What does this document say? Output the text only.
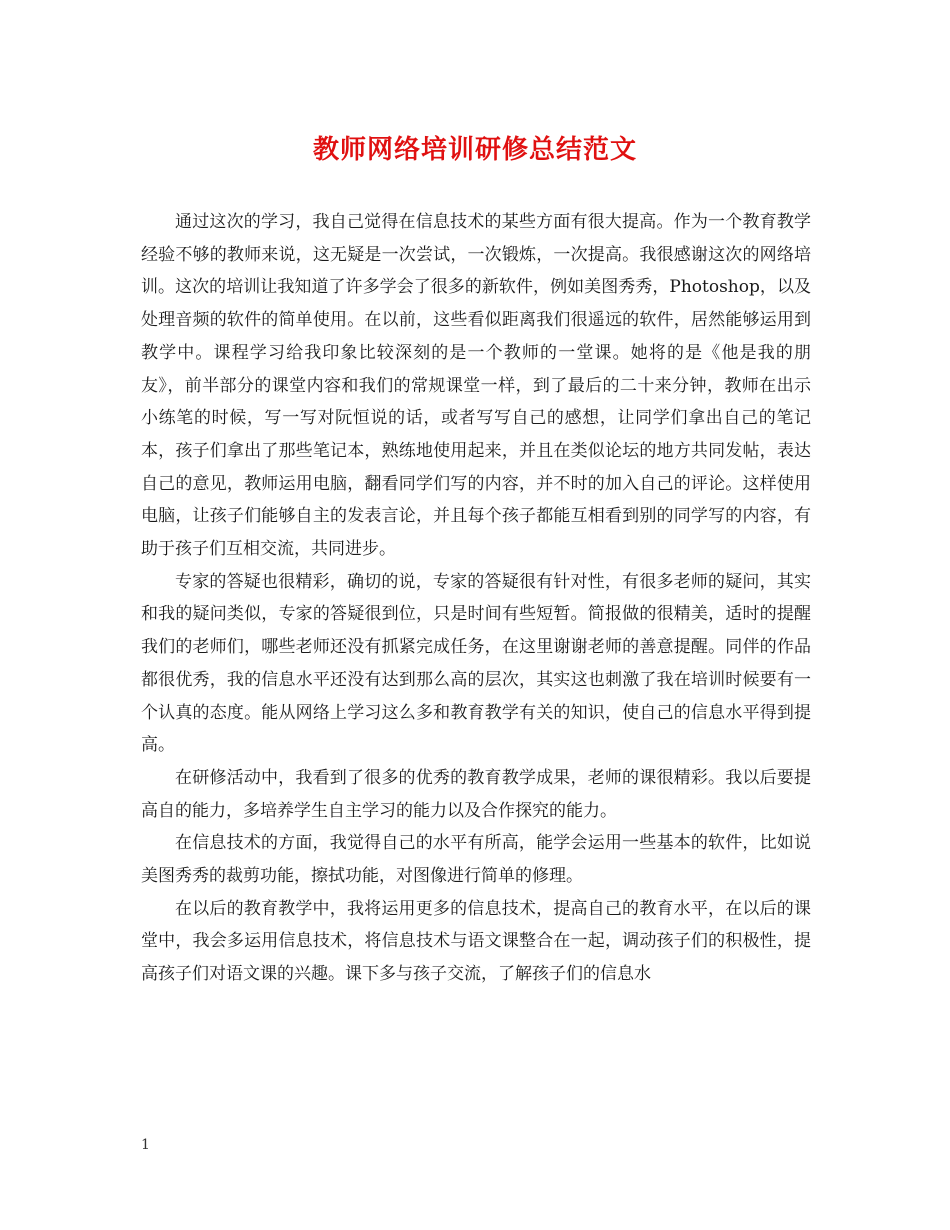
教师网络培训研修总结范文

通过这次的学习，我自己觉得在信息技术的某些方面有很大提高。作为一个教育教学经验不够的教师来说，这无疑是一次尝试，一次锻炼，一次提高。我很感谢这次的网络培训。这次的培训让我知道了许多学会了很多的新软件，例如美图秀秀，Photoshop，以及处理音频的软件的简单使用。在以前，这些看似距离我们很遥远的软件，居然能够运用到教学中。课程学习给我印象比较深刻的是一个教师的一堂课。她将的是《他是我的朋友》，前半部分的课堂内容和我们的常规课堂一样，到了最后的二十来分钟，教师在出示小练笔的时候，写一写对阮恒说的话，或者写写自己的感想，让同学们拿出自己的笔记本，孩子们拿出了那些笔记本，熟练地使用起来，并且在类似论坛的地方共同发帖，表达自己的意见，教师运用电脑，翻看同学们写的内容，并不时的加入自己的评论。这样使用电脑，让孩子们能够自主的发表言论，并且每个孩子都能互相看到别的同学写的内容，有助于孩子们互相交流，共同进步。

专家的答疑也很精彩，确切的说，专家的答疑很有针对性，有很多老师的疑问，其实和我的疑问类似，专家的答疑很到位，只是时间有些短暂。简报做的很精美，适时的提醒我们的老师们，哪些老师还没有抓紧完成任务，在这里谢谢老师的善意提醒。同伴的作品都很优秀，我的信息水平还没有达到那么高的层次，其实这也刺激了我在培训时候要有一个认真的态度。能从网络上学习这么多和教育教学有关的知识，使自己的信息水平得到提高。

在研修活动中，我看到了很多的优秀的教育教学成果，老师的课很精彩。我以后要提高自的能力，多培养学生自主学习的能力以及合作探究的能力。

在信息技术的方面，我觉得自己的水平有所高，能学会运用一些基本的软件，比如说美图秀秀的裁剪功能，擦拭功能，对图像进行简单的修理。

在以后的教育教学中，我将运用更多的信息技术，提高自己的教育水平，在以后的课堂中，我会多运用信息技术，将信息技术与语文课整合在一起，调动孩子们的积极性，提高孩子们对语文课的兴趣。课下多与孩子交流，了解孩子们的信息水

1
